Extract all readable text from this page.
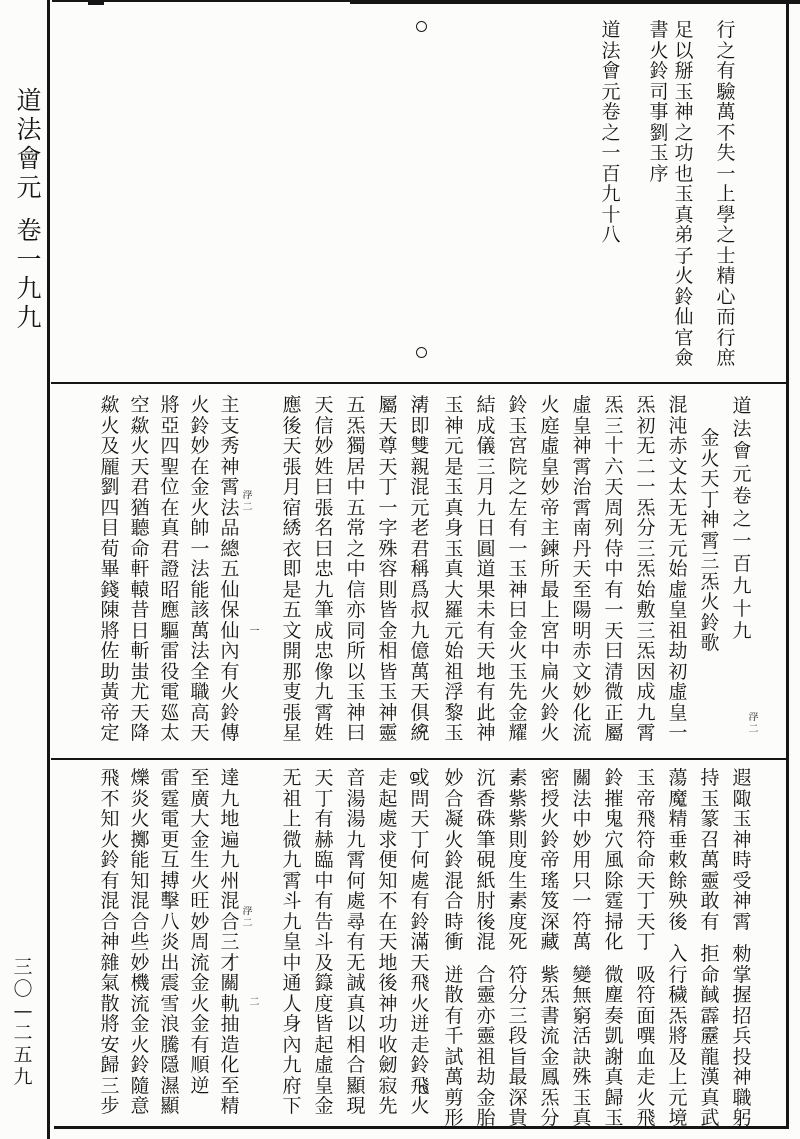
道
法
會
元
卷
一
九
九
三
〇
—
二
五
九
行
之
有
驗
萬
不
失
一
上
學
之
士
精
心
而
行
庶
足
以
掰
玉
神
之
功
也
玉
真
弟
子
火
鈴
仙
官
僉
書
火
鈴
司
事
劉
玉
序
道
法
會
元
卷
之
一
百
九
十
八
道
法
會
元
卷
之
一
百
九
十
九
金
火
天
丁
神
霄
三
炁
火
鈴
歌
混
沌
赤
文
太
无
无
元
始
虛
皇
祖
劫
初
虛
皇
一
炁
初
无
二
一
炁
分
三
炁
始
敷
三
炁
因
成
九
霄
炁
三
十
六
天
周
列
侍
中
有
一
天
曰
清
微
正
屬
虛
皇
神
霄
治
霄
南
丹
天
至
陽
明
赤
文
妙
化
流
火
庭
虛
皇
妙
帝
主
鍊
所
最
上
宮
中
扁
火
鈴
火
鈴
玉
宮
院
之
左
有
一
玉
神
曰
金
火
玉
先
金
耀
結
成
儀
三
月
九
日
圓
道
果
未
有
天
地
有
此
神
玉
神
元
是
玉
真
身
玉
真
大
羅
元
始
祖
浮
黎
玉
清
即
雙
親
混
元
老
君
稱
爲
叔
九
億
萬
天
俱
統
屬
天
尊
天
丁
一
字
殊
容
則
皆
金
相
皆
玉
神
靈
五
炁
獨
居
中
五
常
之
中
信
亦
同
所
以
玉
神
曰
天
信
妙
姓
曰
張
名
曰
忠
九
筆
成
忠
像
九
霄
姓
應
後
天
張
月
宿
綉
衣
即
是
五
文
開
那
叓
張
星
主
支
秀
神
霄
法
品
總
五
仙
保
仙
內
有
火
鈴
傳
火
鈴
妙
在
金
火
帥
一
法
能
該
萬
法
全
職
高
天
將
亞
四
聖
位
在
真
君
證
昭
應
驅
雷
役
電
廵
太
空
歘
火
天
君
猶
聽
命
軒
轅
昔
日
斬
蚩
尤
天
降
歘
火
及
龎
劉
四
目
荀
畢
錢
陳
將
佐
助
黃
帝
定
浮
二
浮
二
一
遐
陬
玉
神
時
受
神
霄
勑
掌
握
招
兵
投
神
職
躬
持
玉
篆
召
萬
靈
敢
有
拒
命
馘
霹
靂
龍
漢
真
武
蕩
魔
精
垂
敕
餘
殃
後
入
行
穢
炁
將
及
上
元
境
玉
帝
飛
符
命
天
丁
天
丁
吸
符
面
噀
血
走
火
飛
鈴
摧
鬼
穴
風
除
霆
掃
化
微
塵
奏
凱
謝
真
歸
玉
關
法
中
妙
用
只
一
符
萬
變
無
窮
活
訣
殊
玉
真
密
授
火
鈴
帝
瑤
笈
深
藏
紫
炁
書
流
金
鳳
炁
分
素
紫
紫
則
度
生
素
度
死
符
分
三
段
旨
最
深
貴
沉
香
硃
筆
硯
紙
肘
後
混
合
靈
亦
靈
祖
劫
金
胎
妙
合
凝
火
鈴
混
合
時
衝
迸
散
有
千
試
萬
剪
形
或
問
天
丁
何
處
有
鈴
滿
天
飛
火
迸
走
鈴
飛
火
走
起
處
求
便
知
不
在
天
地
後
神
功
收
劒
寂
先
音
湯
湯
九
霄
何
處
尋
有
无
誠
真
以
相
合
顯
現
天
丁
有
赫
臨
中
有
告
斗
及
籙
度
皆
起
虛
皇
金
无
祖
上
微
九
霄
斗
九
皇
中
通
人
身
內
九
府
下
達
九
地
遍
九
州
混
合
三
才
關
軌
抽
造
化
至
精
至
廣
大
金
生
火
旺
妙
周
流
金
火
金
有
順
逆
雷
霆
電
更
互
搏
擊
八
炎
出
震
雪
浪
騰
隱
濕
顯
爍
炎
火
擲
能
知
混
合
些
妙
機
流
金
火
鈴
隨
意
飛
不
知
火
鈴
有
混
合
神
雜
氣
散
將
安
歸
三
步
浮
二
二
